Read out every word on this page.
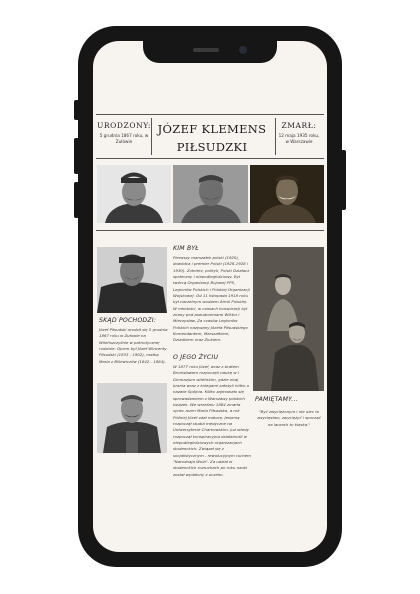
URODZONY:
5 grudnia 1867 roku, w Zułowie
JÓZEF KLEMENS
PIŁSUDZKI
ZMARŁ:
12 maja 1935 roku, w Warszawie
SKĄD POCHODZI:
Józef Piłsudski urodził się 5 grudnia 1867 roku w Zułowie na Wileńszczyźnie w patriotycznej rodzinie. Ojcem był Józef Wincenty Piłsudski (1833 - 1902), matką Maria z Billewiczów (1842 - 1884).
KIM BYŁ
Pierwszy marszałek polski (1920), dowódca i premier Polski (1926-1928 i 1930). Żołnierz, polityk, Polski Działacz społeczny i niepodległościowy. Był twórcą Organizacji Bojowej PPS, Legionów Polskich i Polskiej Organizacji Wojskowej. Od 11 listopada 1918 roku był naczelnym wodzem Armii Polskiej. W młodości, w czasach konspiracji był znany pod pseudonimami Wiktor i Mieczysław. Za czasów Legionów Polskich nazywany Józefa Piłsudskiego Komendantem, Marszałkiem, Dziadkiem oraz Ziukiem.
O JEGO ŻYCIU
W 1877 roku Józef, wraz z bratem Bronisławem rozpoczęli naukę w I Gimnazjum wileńskim, gdzie obaj brania wraz z kolegami założyli kółko o nazwie Spójnia. Kółko zajmowało się sprowadzaniem z Warszawy polskich książek. We wrześniu 1884 zmarła ojciec-marn Maria Piłsudska, a rok Później Józef zdał maturę. Jesienią rozpoczął studia medyczne na Uniwersytecie Charkowskim. Już wtedy rozpoczął konspiracyjną działalność w niepodległościowych organizacjach studenckich. Związał się z socjalistycznym - rewolucyjnym ruchem "Narodnaja Wola". Za udział w studenckich rozruchach po roku nauki został wydalony z uczelni.
PAMIĘTAMY...
"Być zwyciężonym i nie ulec to zwycięstwo, zwyciężyć i spocząć na laurach to klęska."
